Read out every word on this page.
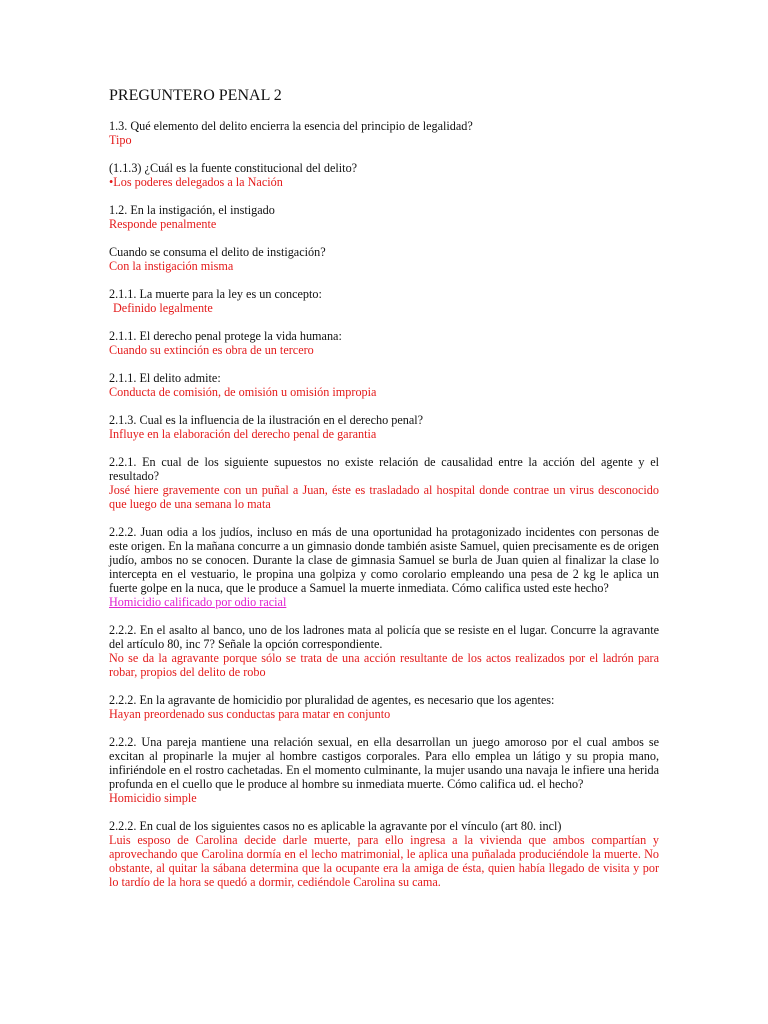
PREGUNTERO PENAL 2
1.3. Qué elemento del delito encierra la esencia del principio de legalidad?
Tipo
(1.1.3) ¿Cuál es la fuente constitucional del delito?
• Los poderes delegados a la Nación
1.2. En la instigación, el instigado
Responde penalmente
Cuando se consuma el delito de instigación?
Con la instigación misma
2.1.1. La muerte para la ley es un concepto:
Definido legalmente
2.1.1. El derecho penal protege la vida humana:
Cuando su extinción es obra de un tercero
2.1.1. El delito admite:
Conducta de comisión, de omisión u omisión impropia
2.1.3. Cual es la influencia de la ilustración en el derecho penal?
Influye en la elaboración del derecho penal de garantia
2.2.1. En cual de los siguiente supuestos no existe relación de causalidad entre la acción del agente y el resultado?
José hiere gravemente con un puñal a Juan, éste es trasladado al hospital donde contrae un virus desconocido que luego de una semana lo mata
2.2.2. Juan odia a los judíos, incluso en más de una oportunidad ha protagonizado incidentes con personas de este origen. En la mañana concurre a un gimnasio donde también asiste Samuel, quien precisamente es de origen judío, ambos no se conocen. Durante la clase de gimnasia Samuel se burla de Juan quien al finalizar la clase lo intercepta en el vestuario, le propina una golpiza y como corolario empleando una pesa de 2 kg le aplica un fuerte golpe en la nuca, que le produce a Samuel la muerte inmediata. Cómo califica usted este hecho?
Homicidio calificado por odio racial
2.2.2. En el asalto al banco, uno de los ladrones mata al policía que se resiste en el lugar. Concurre la agravante del artículo 80, inc 7? Señale la opción correspondiente.
No se da la agravante porque sólo se trata de una acción resultante de los actos realizados por el ladrón para robar, propios del delito de robo
2.2.2. En la agravante de homicidio por pluralidad de agentes, es necesario que los agentes:
Hayan preordenado sus conductas para matar en conjunto
2.2.2. Una pareja mantiene una relación sexual, en ella desarrollan un juego amoroso por el cual ambos se excitan al propinarle la mujer al hombre castigos corporales. Para ello emplea un látigo y su propia mano, infiriéndole en el rostro cachetadas. En el momento culminante, la mujer usando una navaja le infiere una herida profunda en el cuello que le produce al hombre su inmediata muerte. Cómo califica ud. el hecho?
Homicidio simple
2.2.2. En cual de los siguientes casos no es aplicable la agravante por el vínculo (art 80. incl)
Luis esposo de Carolina decide darle muerte, para ello ingresa a la vivienda que ambos compartían y aprovechando que Carolina dormía en el lecho matrimonial, le aplica una puñalada produciéndole la muerte. No obstante, al quitar la sábana determina que la ocupante era la amiga de ésta, quien había llegado de visita y por lo tardío de la hora se quedó a dormir, cediéndole Carolina su cama.
